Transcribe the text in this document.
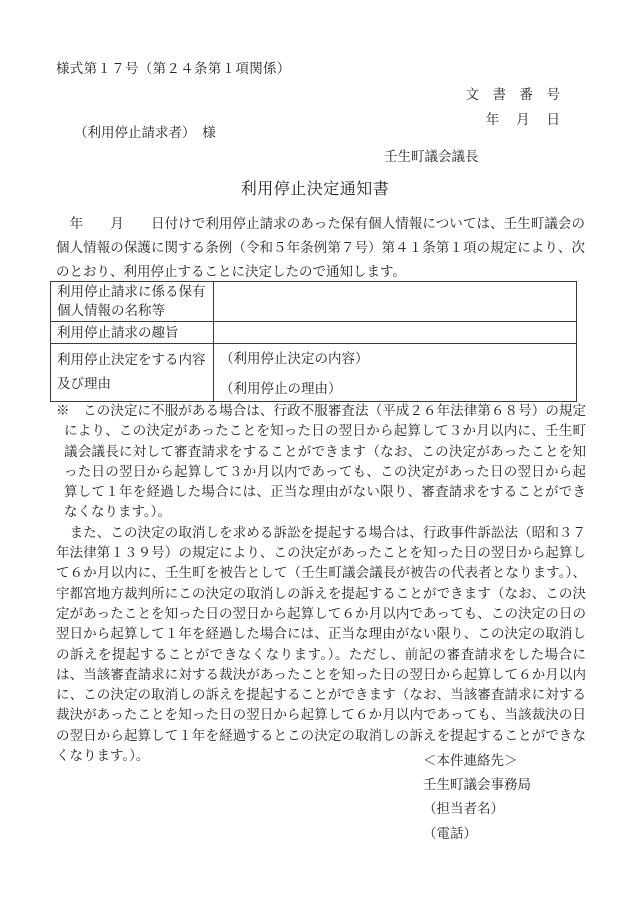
様式第１７号（第２４条第１項関係）
文　書　番　号
年　 月　 日
（利用停止請求者）　様
壬生町議会議長
利用停止決定通知書

　年　　月　　日付けで利用停止請求のあった保有個人情報については、壬生町議会の個人情報の保護に関する条例（令和５年条例第７号）第４１条第１項の規定により、次のとおり、利用停止することに決定したので通知します。

利用停止請求に係る保有個人情報の名称等	
利用停止請求の趣旨	
利用停止決定をする内容及び理由	（利用停止決定の内容）
（利用停止の理由）

※　この決定に不服がある場合は、行政不服審査法（平成２６年法律第６８号）の規定により、この決定があったことを知った日の翌日から起算して３か月以内に、壬生町議会議長に対して審査請求をすることができます（なお、この決定があったことを知った日の翌日から起算して３か月以内であっても、この決定があった日の翌日から起算して１年を経過した場合には、正当な理由がない限り、審査請求をすることができなくなります。）。

　また、この決定の取消しを求める訴訟を提起する場合は、行政事件訴訟法（昭和３７年法律第１３９号）の規定により、この決定があったことを知った日の翌日から起算して６か月以内に、壬生町を被告として（壬生町議会議長が被告の代表者となります。）、宇都宮地方裁判所にこの決定の取消しの訴えを提起することができます（なお、この決定があったことを知った日の翌日から起算して６か月以内であっても、この決定の日の翌日から起算して１年を経過した場合には、正当な理由がない限り、この決定の取消しの訴えを提起することができなくなります。）。ただし、前記の審査請求をした場合には、当該審査請求に対する裁決があったことを知った日の翌日から起算して６か月以内に、この決定の取消しの訴えを提起することができます（なお、当該審査請求に対する裁決があったことを知った日の翌日から起算して６か月以内であっても、当該裁決の日の翌日から起算して１年を経過するとこの決定の取消しの訴えを提起することができなくなります。）。	＜本件連絡先＞
壬生町議会事務局
（担当者名）
（電話）
